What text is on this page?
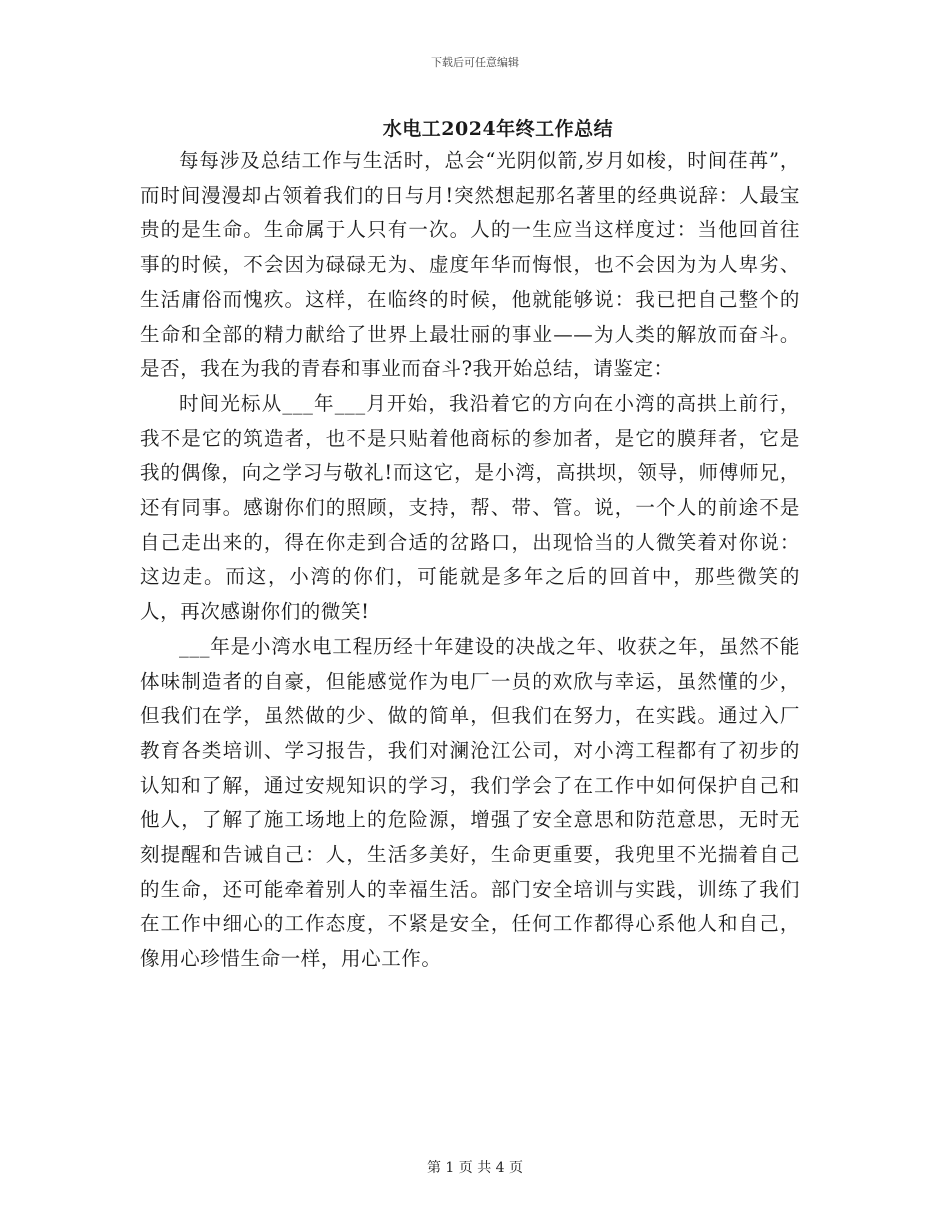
下载后可任意编辑
水电工2024年终工作总结

每每涉及总结工作与生活时，总会“光阴似箭,岁月如梭，时间荏苒”，而时间漫漫却占领着我们的日与月!突然想起那名著里的经典说辞：人最宝贵的是生命。生命属于人只有一次。人的一生应当这样度过：当他回首往事的时候，不会因为碌碌无为、虚度年华而悔恨，也不会因为为人卑劣、生活庸俗而愧疚。这样，在临终的时候，他就能够说：我已把自己整个的生命和全部的精力献给了世界上最壮丽的事业——为人类的解放而奋斗。是否，我在为我的青春和事业而奋斗?我开始总结，请鉴定：

时间光标从___年___月开始，我沿着它的方向在小湾的高拱上前行，我不是它的筑造者，也不是只贴着他商标的参加者，是它的膜拜者，它是我的偶像，向之学习与敬礼!而这它，是小湾，高拱坝，领导，师傅师兄，还有同事。感谢你们的照顾，支持，帮、带、管。说，一个人的前途不是自己走出来的，得在你走到合适的岔路口，出现恰当的人微笑着对你说：这边走。而这，小湾的你们，可能就是多年之后的回首中，那些微笑的人，再次感谢你们的微笑!

___年是小湾水电工程历经十年建设的决战之年、收获之年，虽然不能体味制造者的自豪，但能感觉作为电厂一员的欢欣与幸运，虽然懂的少，但我们在学，虽然做的少、做的简单，但我们在努力，在实践。通过入厂教育各类培训、学习报告，我们对澜沧江公司，对小湾工程都有了初步的认知和了解，通过安规知识的学习，我们学会了在工作中如何保护自己和他人，了解了施工场地上的危险源，增强了安全意思和防范意思，无时无刻提醒和告诫自己：人，生活多美好，生命更重要，我兜里不光揣着自己的生命，还可能牵着别人的幸福生活。部门安全培训与实践，训练了我们在工作中细心的工作态度，不紧是安全，任何工作都得心系他人和自己，像用心珍惜生命一样，用心工作。

第 1 页 共 4 页
